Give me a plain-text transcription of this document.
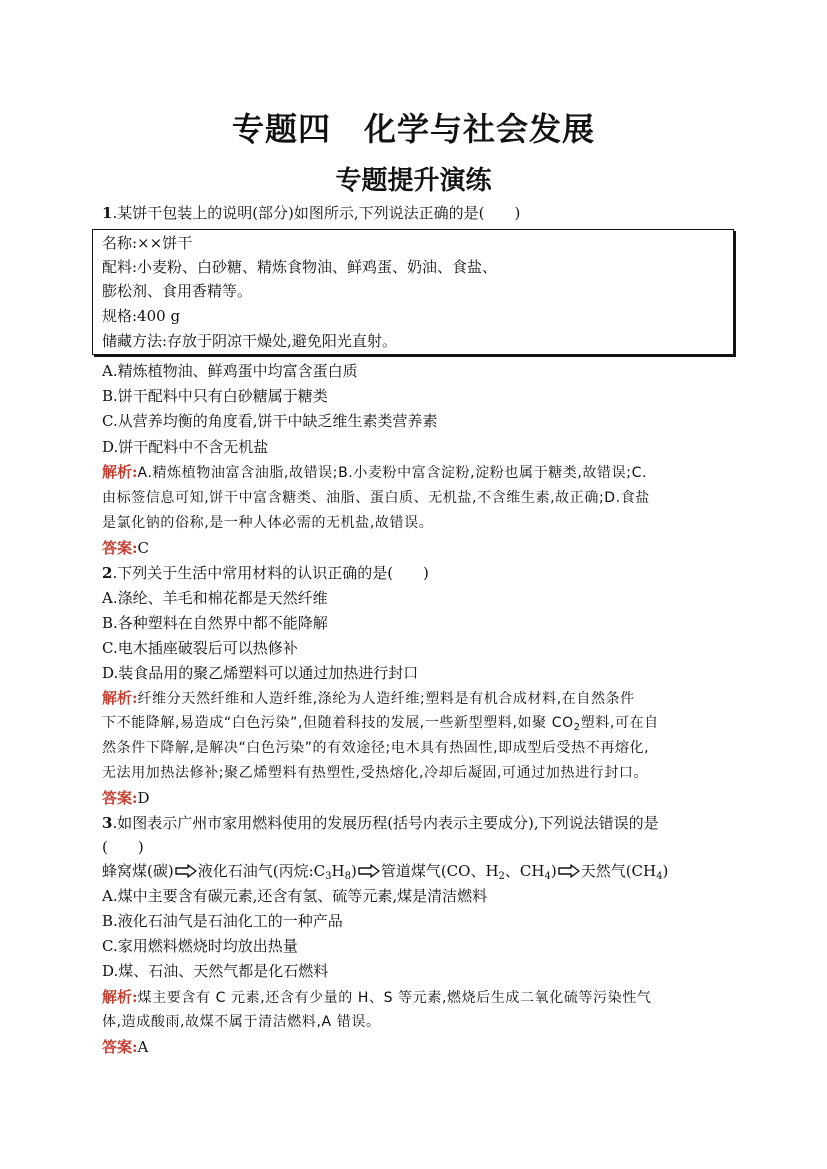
专题四　化学与社会发展
专题提升演练
1.某饼干包装上的说明(部分)如图所示,下列说法正确的是(　　)
名称:××饼干
配料:小麦粉、白砂糖、精炼食物油、鲜鸡蛋、奶油、食盐、
膨松剂、食用香精等。
规格:400 g
储藏方法:存放于阴凉干燥处,避免阳光直射。
A.精炼植物油、鲜鸡蛋中均富含蛋白质
B.饼干配料中只有白砂糖属于糖类
C.从营养均衡的角度看,饼干中缺乏维生素类营养素
D.饼干配料中不含无机盐
解析:A.精炼植物油富含油脂,故错误;B.小麦粉中富含淀粉,淀粉也属于糖类,故错误;C.
由标签信息可知,饼干中富含糖类、油脂、蛋白质、无机盐,不含维生素,故正确;D.食盐
是氯化钠的俗称,是一种人体必需的无机盐,故错误。
答案:C
2.下列关于生活中常用材料的认识正确的是(　　)
A.涤纶、羊毛和棉花都是天然纤维
B.各种塑料在自然界中都不能降解
C.电木插座破裂后可以热修补
D.装食品用的聚乙烯塑料可以通过加热进行封口
解析:纤维分天然纤维和人造纤维,涤纶为人造纤维;塑料是有机合成材料,在自然条件
下不能降解,易造成“白色污染”,但随着科技的发展,一些新型塑料,如聚 $CO_2$塑料,可在自
然条件下降解,是解决“白色污染”的有效途径;电木具有热固性,即成型后受热不再熔化,
无法用加热法修补;聚乙烯塑料有热塑性,受热熔化,冷却后凝固,可通过加热进行封口。
答案:D
3.如图表示广州市家用燃料使用的发展历程(括号内表示主要成分),下列说法错误的是
(　　)
蜂窝煤(碳) 液化石油气(丙烷$:C_3H_8$) 管道煤气(CO、$H_2$、$CH_4$) 天然气$(CH_4)$
A.煤中主要含有碳元素,还含有氢、硫等元素,煤是清洁燃料
B.液化石油气是石油化工的一种产品
C.家用燃料燃烧时均放出热量
D.煤、石油、天然气都是化石燃料
解析:煤主要含有 C 元素,还含有少量的 H、S 等元素,燃烧后生成二氧化硫等污染性气
体,造成酸雨,故煤不属于清洁燃料,A 错误。
答案:A
